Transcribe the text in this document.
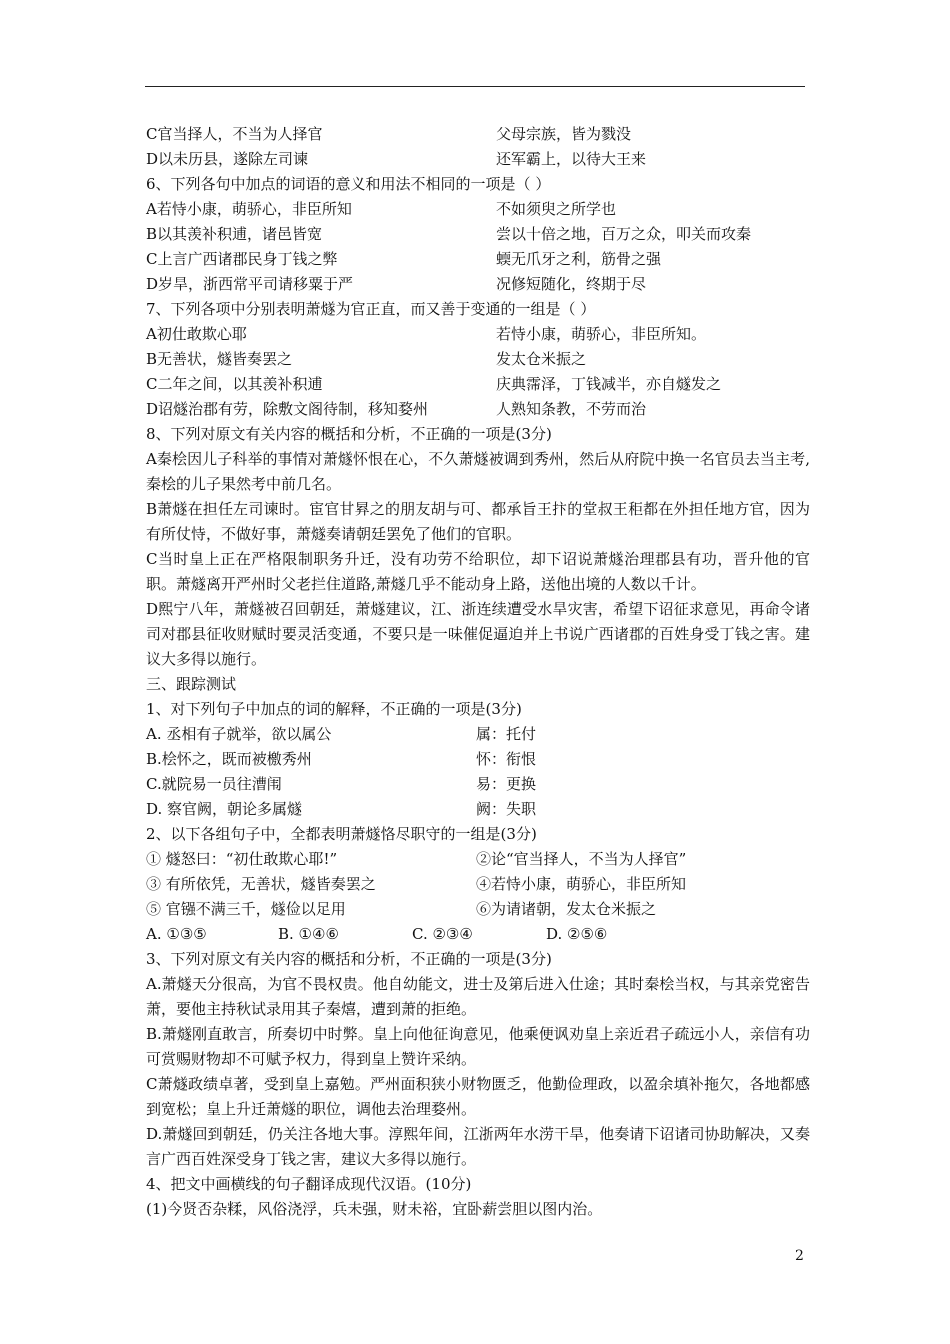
C官当择人，不当为人择官	父母宗族，皆为戮没
D以未历县，遂除左司谏	还军霸上，以待大王来
6、下列各句中加点的词语的意义和用法不相同的一项是（ ）
A若恃小康，萌骄心，非臣所知	不如须臾之所学也
B以其羡补积逋，诸邑皆宽	尝以十倍之地，百万之众，叩关而攻秦
C上言广西诸郡民身丁钱之弊	蝡无爪牙之利，筋骨之强
D岁旱，浙西常平司请移粟于严	况修短随化，终期于尽
7、下列各项中分别表明萧燧为官正直，而又善于变通的一组是（ ）
A初仕敢欺心耶	若恃小康，萌骄心，非臣所知。
B无善状，燧皆奏罢之	发太仓米振之
C二年之间，以其羡补积逋	庆典霈泽，丁钱减半，亦自燧发之
D诏燧治郡有劳，除敷文阁待制，移知婺州	人熟知条教，不劳而治
8、下列对原文有关内容的概括和分析，不正确的一项是(3分)
A秦桧因儿子科举的事情对萧燧怀恨在心，不久萧燧被调到秀州，然后从府院中换一名官员去当主考,秦桧的儿子果然考中前几名。
B萧燧在担任左司谏时。宦官甘昪之的朋友胡与可、都承旨王抃的堂叔王秬都在外担任地方官，因为有所仗恃，不做好事，萧燧奏请朝廷罢免了他们的官职。
C当时皇上正在严格限制职务升迁，没有功劳不给职位，却下诏说萧燧治理郡县有功，晋升他的官职。萧燧离开严州时父老拦住道路,萧燧几乎不能动身上路，送他出境的人数以千计。
D熙宁八年，萧燧被召回朝廷，萧燧建议，江、浙连续遭受水旱灾害，希望下诏征求意见，再命令诸司对郡县征收财赋时要灵活变通，不要只是一味催促逼迫并上书说广西诸郡的百姓身受丁钱之害。建议大多得以施行。
三、跟踪测试
1、对下列句子中加点的词的解释，不正确的一项是(3分)
A. 丞相有子就举，欲以属公	属：托付
B.桧怀之，既而被檄秀州	怀：衔恨
C.就院易一员往漕闱	易：更换
D. 察官阙，朝论多属燧	阙：失职
2、以下各组句子中，全都表明萧燧恪尽职守的一组是(3分)
① 燧怒曰：“初仕敢欺心耶!”	②论“官当择人，不当为人择官”
③ 有所依凭，无善状，燧皆奏罢之	④若恃小康，萌骄心，非臣所知
⑤ 官镪不满三千，燧俭以足用	⑥为请诸朝，发太仓米振之
A. ①③⑤	B. ①④⑥	C. ②③④	D. ②⑤⑥
3、下列对原文有关内容的概括和分析，不正确的一项是(3分)
A.萧燧天分很高，为官不畏权贵。他自幼能文，进士及第后进入仕途；其时秦桧当权，与其亲党密告萧，要他主持秋试录用其子秦熺，遭到萧的拒绝。
B.萧燧刚直敢言，所奏切中时弊。皇上向他征询意见，他乘便讽劝皇上亲近君子疏远小人，亲信有功可赏赐财物却不可赋予权力，得到皇上赞许采纳。
C萧燧政绩卓著，受到皇上嘉勉。严州面积狭小财物匮乏，他勤俭理政，以盈余填补拖欠，各地都感到宽松；皇上升迁萧燧的职位，调他去治理婺州。
D.萧燧回到朝廷，仍关注各地大事。淳熙年间，江浙两年水涝干旱，他奏请下诏诸司协助解决，又奏言广西百姓深受身丁钱之害，建议大多得以施行。
4、把文中画横线的句子翻译成现代汉语。(10分)
(1)今贤否杂糅，风俗浇浮，兵未强，财未裕，宜卧薪尝胆以图内治。
2
